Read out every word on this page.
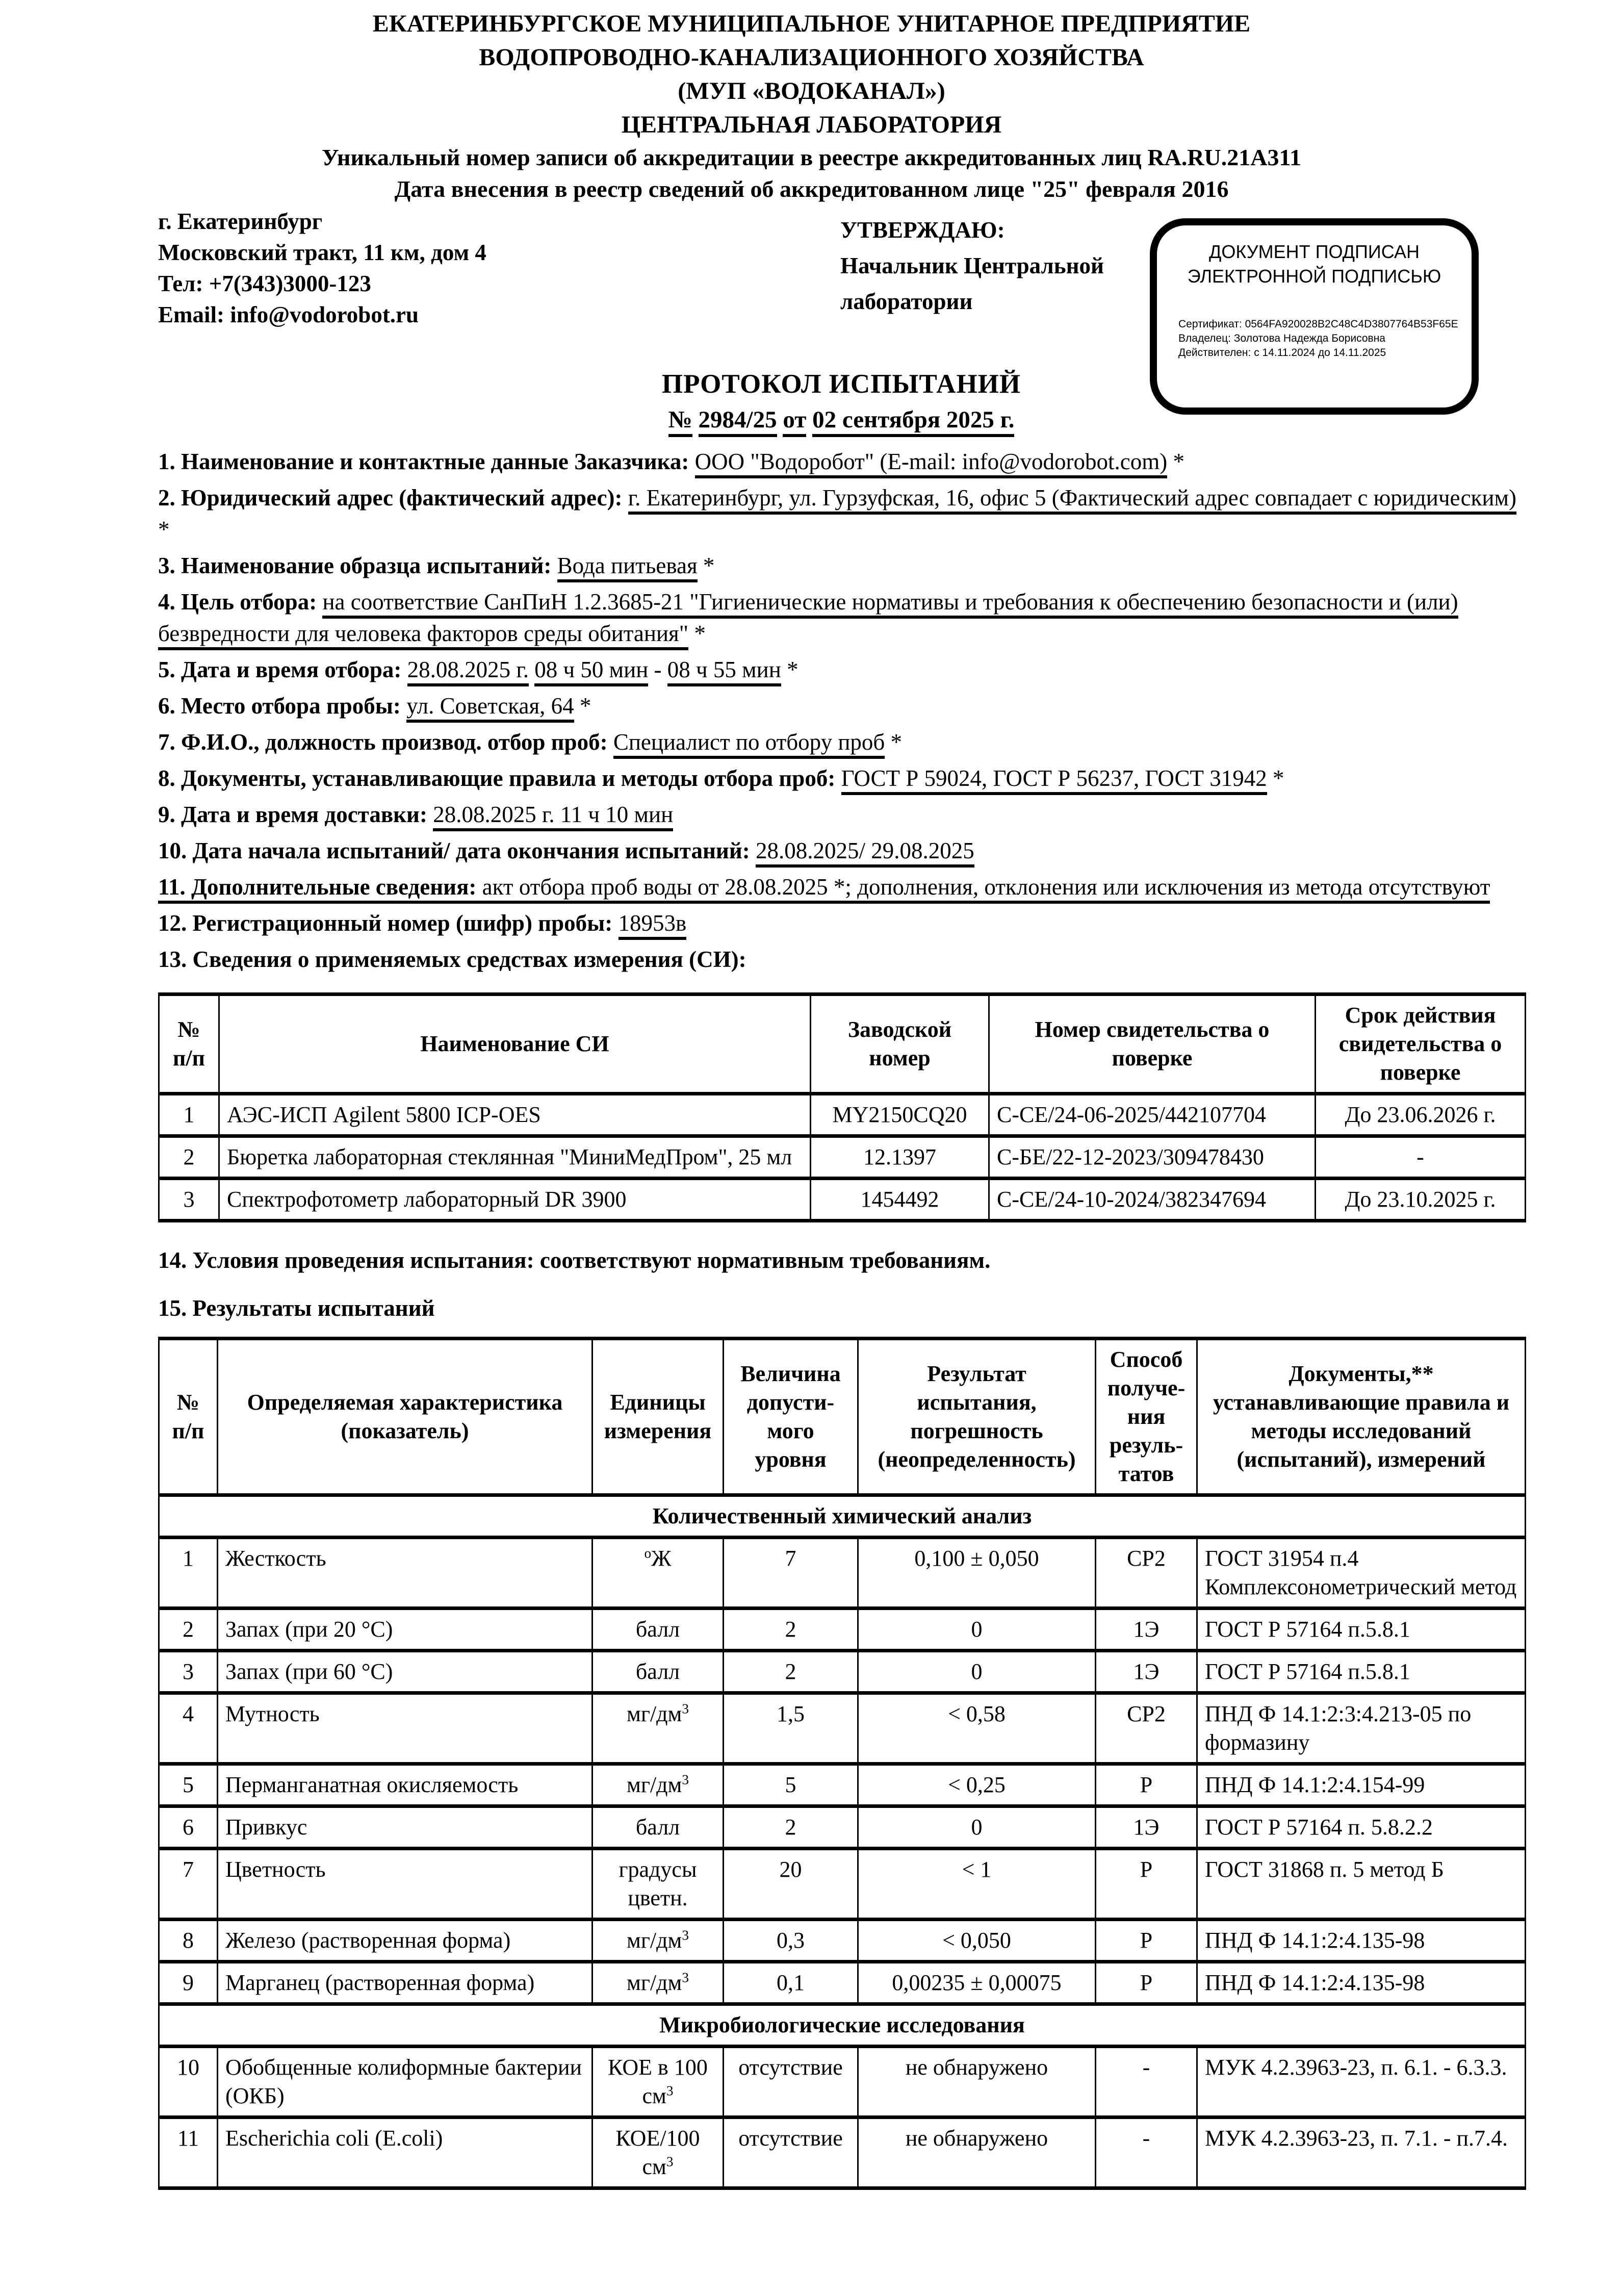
ЕКАТЕРИНБУРГСКОЕ МУНИЦИПАЛЬНОЕ УНИТАРНОЕ ПРЕДПРИЯТИЕ
ВОДОПРОВОДНО-КАНАЛИЗАЦИОННОГО ХОЗЯЙСТВА
(МУП «ВОДОКАНАЛ»)
ЦЕНТРАЛЬНАЯ ЛАБОРАТОРИЯ
Уникальный номер записи об аккредитации в реестре аккредитованных лиц RA.RU.21A311
Дата внесения в реестр сведений об аккредитованном лице "25" февраля 2016
г. Екатеринбург
Московский тракт, 11 км, дом 4
Тел: +7(343)3000-123
Email: info@vodorobot.ru
УТВЕРЖДАЮ:
Начальник Центральной
лаборатории
ДОКУМЕНТ ПОДПИСАН
ЭЛЕКТРОННОЙ ПОДПИСЬЮ
Сертификат: 0564FA920028B2C48C4D3807764B53F65E
Владелец: Золотова Надежда Борисовна
Действителен: с 14.11.2024 до 14.11.2025
ПРОТОКОЛ ИСПЫТАНИЙ
№ 2984/25 от 02 сентября 2025 г.
1. Наименование и контактные данные Заказчика: ООО "Водоробот" (E-mail: info@vodorobot.com) *
2. Юридический адрес (фактический адрес): г. Екатеринбург, ул. Гурзуфская, 16, офис 5 (Фактический адрес совпадает с юридическим) *
3. Наименование образца испытаний: Вода питьевая *
4. Цель отбора: на соответствие СанПиН 1.2.3685-21 "Гигиенические нормативы и требования к обеспечению безопасности и (или) безвредности для человека факторов среды обитания" *
5. Дата и время отбора: 28.08.2025 г. 08 ч 50 мин - 08 ч 55 мин *
6. Место отбора пробы: ул. Советская, 64 *
7. Ф.И.О., должность производ. отбор проб: Специалист по отбору проб *
8. Документы, устанавливающие правила и методы отбора проб: ГОСТ Р 59024, ГОСТ Р 56237, ГОСТ 31942 *
9. Дата и время доставки: 28.08.2025 г. 11 ч 10 мин
10. Дата начала испытаний/ дата окончания испытаний: 28.08.2025/ 29.08.2025
11. Дополнительные сведения: акт отбора проб воды от 28.08.2025 *; дополнения, отклонения или исключения из метода отсутствуют
12. Регистрационный номер (шифр) пробы: 18953в
13. Сведения о применяемых средствах измерения (СИ):
№ п/п	Наименование СИ	Заводской номер	Номер свидетельства о поверке	Срок действия свидетельства о поверке
1	АЭС-ИСП Agilent 5800 ICP-OES	MY2150CQ20	С-СЕ/24-06-2025/442107704	До 23.06.2026 г.
2	Бюретка лабораторная стеклянная "МиниМедПром", 25 мл	12.1397	С-БЕ/22-12-2023/309478430	-
3	Спектрофотометр лабораторный DR 3900	1454492	С-СЕ/24-10-2024/382347694	До 23.10.2025 г.
14. Условия проведения испытания: соответствуют нормативным требованиям.
15. Результаты испытаний
№ п/п	Определяемая характеристика (показатель)	Единицы измерения	Величина допусти-мого уровня	Результат испытания, погрешность (неопределенность)	Способ получе-ния резуль-татов	Документы,** устанавливающие правила и методы исследований (испытаний), измерений
Количественный химический анализ						
1	Жесткость	$^о$Ж	7	0,100 ± 0,050	СР2	ГОСТ 31954 п.4 Комплексонометрический метод
2	Запах (при 20 °С)	балл	2	0	1Э	ГОСТ Р 57164 п.5.8.1
3	Запах (при 60 °С)	балл	2	0	1Э	ГОСТ Р 57164 п.5.8.1
4	Мутность	$мг/дм^3$	1,5	< 0,58	СР2	ПНД Ф 14.1:2:3:4.213-05 по формазину
5	Перманганатная окисляемость	$мг/дм^3$	5	< 0,25	Р	ПНД Ф 14.1:2:4.154-99
6	Привкус	балл	2	0	1Э	ГОСТ Р 57164 п. 5.8.2.2
7	Цветность	градусы цветн.	20	< 1	Р	ГОСТ 31868 п. 5 метод Б
8	Железо (растворенная форма)	$мг/дм^3$	0,3	< 0,050	Р	ПНД Ф 14.1:2:4.135-98
9	Марганец (растворенная форма)	$мг/дм^3$	0,1	0,00235 ± 0,00075	Р	ПНД Ф 14.1:2:4.135-98
Микробиологические исследования						
10	Обобщенные колиформные бактерии (ОКБ)	КОЕ в 100 $см^3$	отсутствие	не обнаружено	-	МУК 4.2.3963-23, п. 6.1. - 6.3.3.
11	Escherichia coli (E.coli)	КОЕ/100 $см^3$	отсутствие	не обнаружено	-	МУК 4.2.3963-23, п. 7.1. - п.7.4.
